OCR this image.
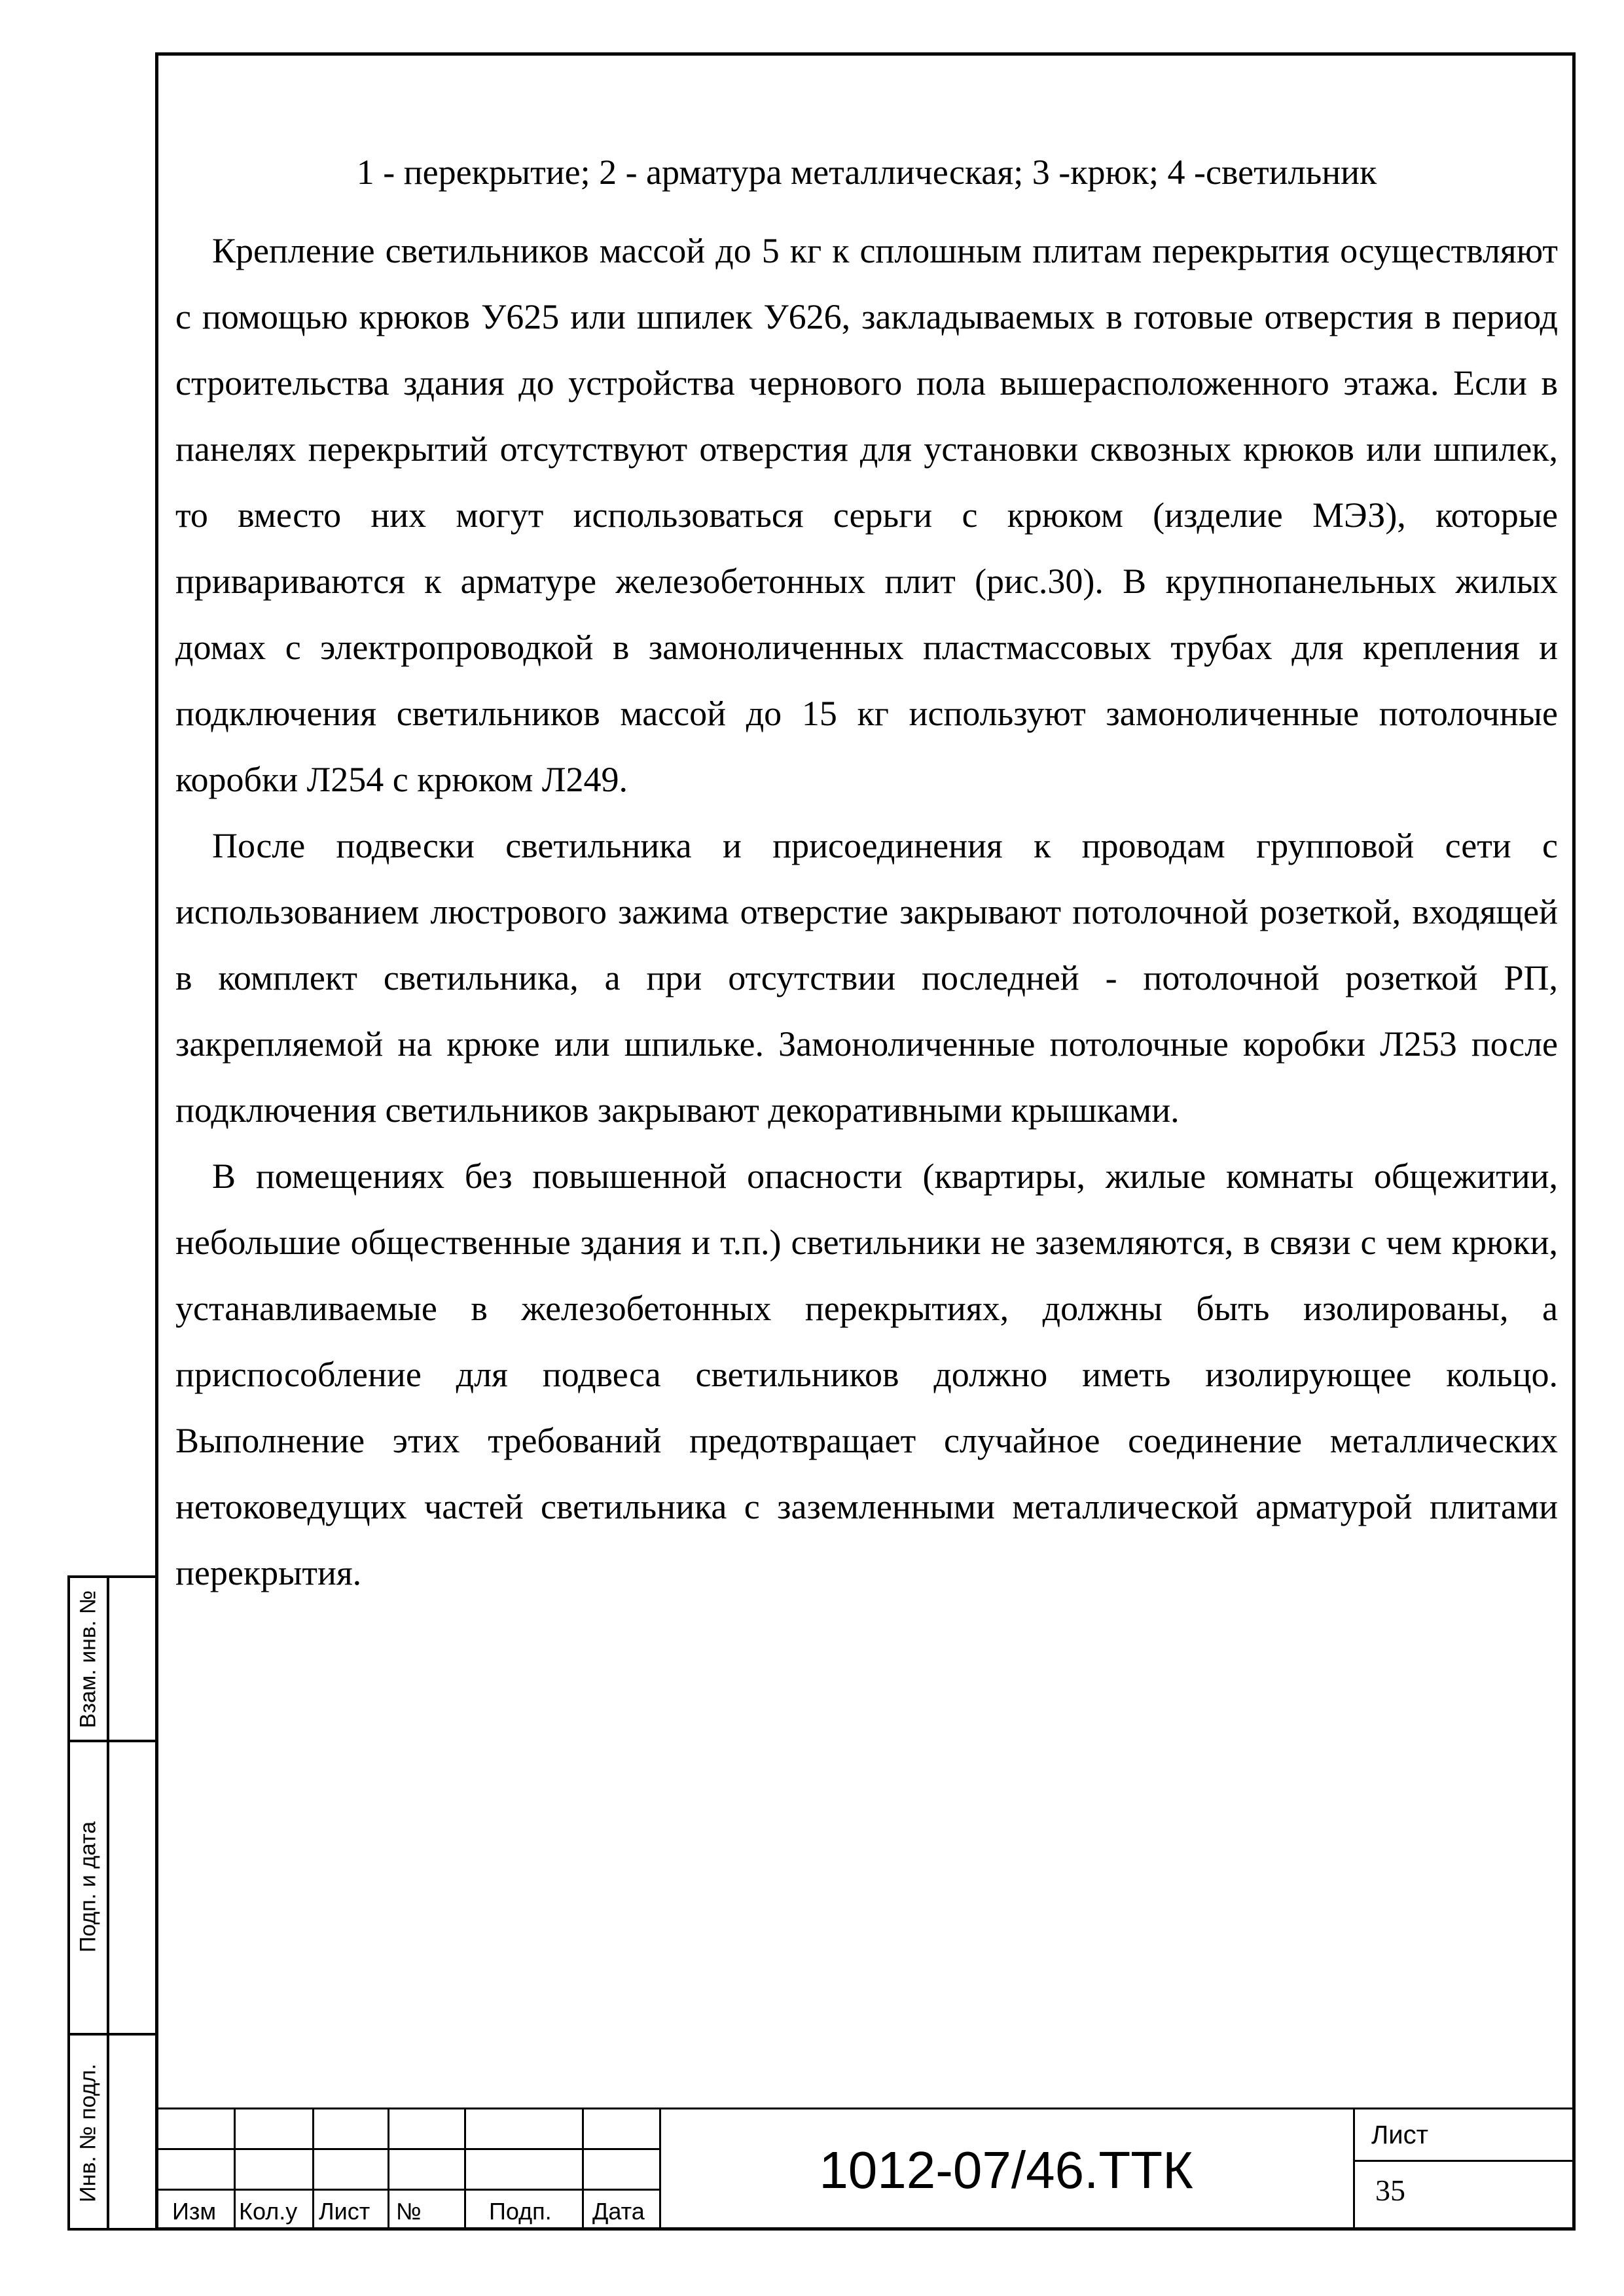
1 - перекрытие; 2 - арматура металлическая; 3 -крюк; 4 -светильник

Крепление светильников массой до 5 кг к сплошным плитам перекрытия осуществляют с помощью крюков У625 или шпилек У626, закладываемых в готовые отверстия в период строительства здания до устройства чернового пола вышерасположенного этажа. Если в панелях перекрытий отсутствуют отверстия для установки сквозных крюков или шпилек, то вместо них могут использоваться серьги с крюком (изделие МЭЗ), которые привариваются к арматуре железобетонных плит (рис.30). В крупнопанельных жилых домах с электропроводкой в замоноличенных пластмассовых трубах для крепления и подключения светильников массой до 15 кг используют замоноличенные потолочные коробки Л254 с крюком Л249.

После подвески светильника и присоединения к проводам групповой сети с использованием люстрового зажима отверстие закрывают потолочной розеткой, входящей в комплект светильника, а при отсутствии последней - потолочной розеткой РП, закрепляемой на крюке или шпильке. Замоноличенные потолочные коробки Л253 после подключения светильников закрывают декоративными крышками.

В помещениях без повышенной опасности (квартиры, жилые комнаты общежитии, небольшие общественные здания и т.п.) светильники не заземляются, в связи с чем крюки, устанавливаемые в железобетонных перекрытиях, должны быть изолированы, а приспособление для подвеса светильников должно иметь изолирующее кольцо. Выполнение этих требований предотвращает случайное соединение металлических нетоковедущих частей светильника с заземленными металлической арматурой плитами перекрытия.

Взам. инв. №
Подп. и дата
Инв. № подл.
Изм Кол.у Лист №	Подп. Дата
1012-07/46.ТТК
Лист
35
